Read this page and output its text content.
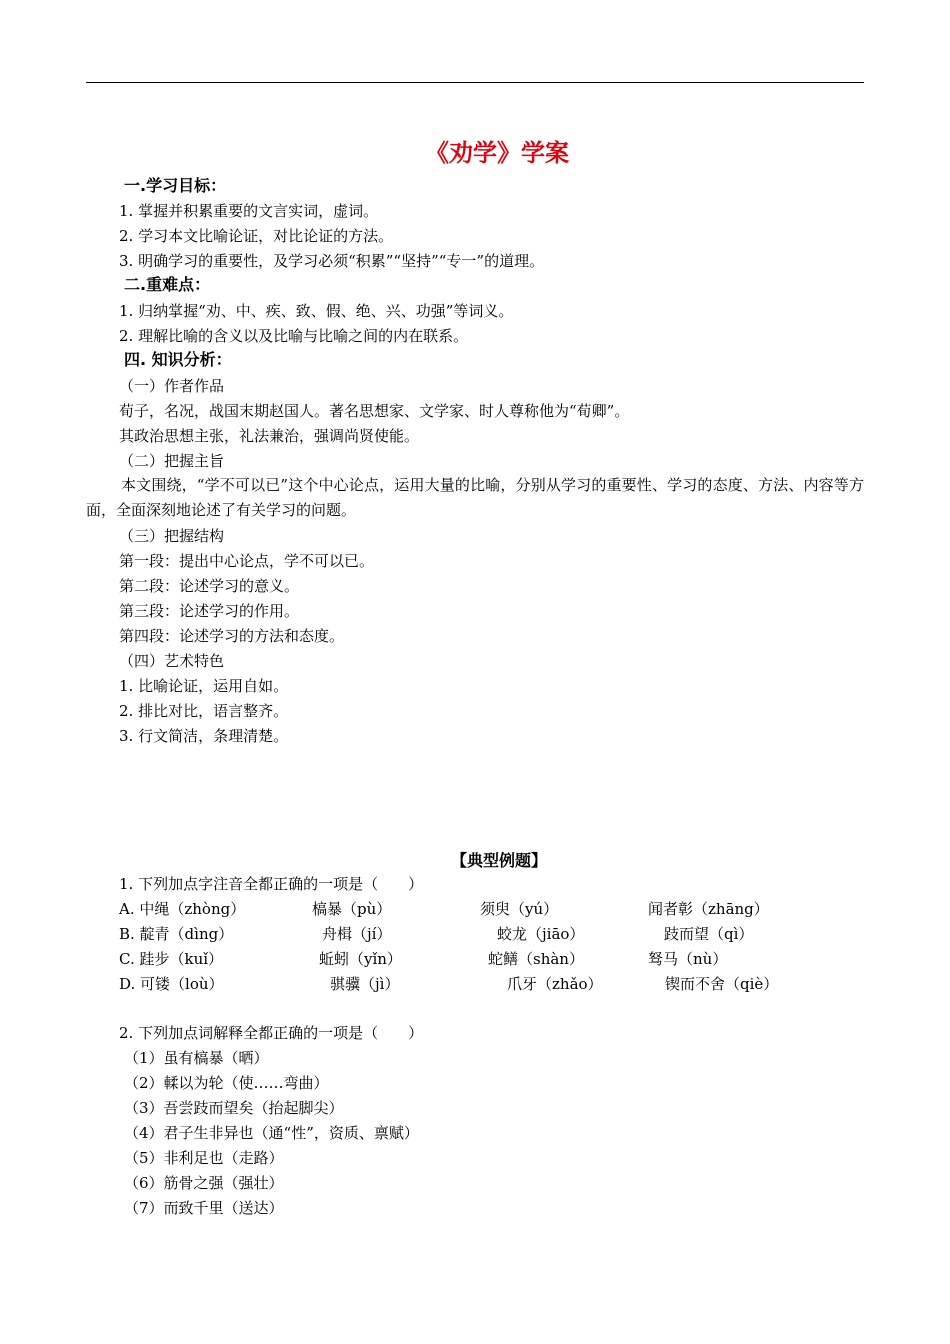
《劝学》学案
一.学习目标：
1. 掌握并积累重要的文言实词，虚词。
2. 学习本文比喻论证，对比论证的方法。
3. 明确学习的重要性，及学习必须“积累”“坚持”“专一”的道理。
二.重难点：
1. 归纳掌握“劝、中、疾、致、假、绝、兴、功强”等词义。
2. 理解比喻的含义以及比喻与比喻之间的内在联系。
四. 知识分析：
（一）作者作品
荀子，名况，战国末期赵国人。著名思想家、文学家、时人尊称他为“荀卿”。
其政治思想主张，礼法兼治，强调尚贤使能。
（二）把握主旨
本文围绕，“学不可以已”这个中心论点，运用大量的比喻，分别从学习的重要性、学习的态度、方法、内容等方面，全面深刻地论述了有关学习的问题。
（三）把握结构
第一段：提出中心论点，学不可以已。
第二段：论述学习的意义。
第三段：论述学习的作用。
第四段：论述学习的方法和态度。
（四）艺术特色
1. 比喻论证，运用自如。
2. 排比对比，语言整齐。
3. 行文简洁，条理清楚。
【典型例题】
1. 下列加点字注音全都正确的一项是（　　）
A. 中绳（zhòng）	槁暴（pù）	须臾（yú）	闻者彰（zhāng）
B. 靛青（dìng）	舟楫（jí）	蛟龙（jiāo）	跂而望（qì）
C. 跬步（kuǐ）	蚯蚓（yǐn）	蛇鳝（shàn）	驽马（nù）
D. 可镂（loù）	骐骥（jì）	爪牙（zhǎo）	锲而不舍（qiè）
2. 下列加点词解释全都正确的一项是（　　）
（1）虽有槁暴（晒）
（2）輮以为轮（使……弯曲）
（3）吾尝跂而望矣（抬起脚尖）
（4）君子生非异也（通“性”，资质、禀赋）
（5）非利足也（走路）
（6）筋骨之强（强壮）
（7）而致千里（送达）
